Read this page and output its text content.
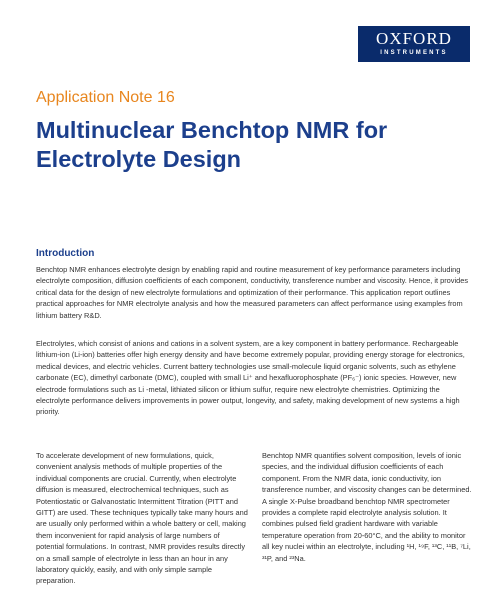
OXFORD
INSTRUMENTS
Application Note 16
Multinuclear Benchtop NMR for Electrolyte Design
Introduction

Benchtop NMR enhances electrolyte design by enabling rapid and routine measurement of key performance parameters including electrolyte composition, diffusion coefficients of each component, conductivity, transference number and viscosity. Hence, it provides critical data for the design of new electrolyte formulations and optimization of their performance. This application report outlines practical approaches for NMR electrolyte analysis and how the measured parameters can affect performance using examples from lithium battery R&D.

Electrolytes, which consist of anions and cations in a solvent system, are a key component in battery performance. Rechargeable lithium-ion (Li-ion) batteries offer high energy density and have become extremely popular, providing energy storage for electronics, medical devices, and electric vehicles. Current battery technologies use small-molecule liquid organic solvents, such as ethylene carbonate (EC), dimethyl carbonate (DMC), coupled with small Li⁺ and hexafluorophosphate (PF₆⁻) ionic species. However, new electrode formulations such as Li -metal, lithiated silicon or lithium sulfur, require new electrolyte chemistries. Optimizing the electrolyte performance delivers improvements in power output, longevity, and safety, making development of new systems a high priority.

To accelerate development of new formulations, quick, convenient analysis methods of multiple properties of the individual components are crucial. Currently, when electrolyte diffusion is measured, electrochemical techniques, such as Potentiostatic or Galvanostatic Intermittent Titration (PITT and GITT) are used. These techniques typically take many hours and are usually only performed within a whole battery or cell, making them inconvenient for rapid analysis of large numbers of potential formulations. In contrast, NMR provides results directly on a small sample of electrolyte in less than an hour in any laboratory quickly, easily, and with only simple sample preparation.

Benchtop NMR quantifies solvent composition, levels of ionic species, and the individual diffusion coefficients of each component. From the NMR data, ionic conductivity, ion transference number, and viscosity changes can be determined. A single X-Pulse broadband benchtop NMR spectrometer provides a complete rapid electrolyte analysis solution. It combines pulsed field gradient hardware with variable temperature operation from 20-60°C, and the ability to monitor all key nuclei within an electrolyte, including ¹H, ¹⁹F, ¹³C, ¹¹B, ⁷Li, ³¹P, and ²³Na.
